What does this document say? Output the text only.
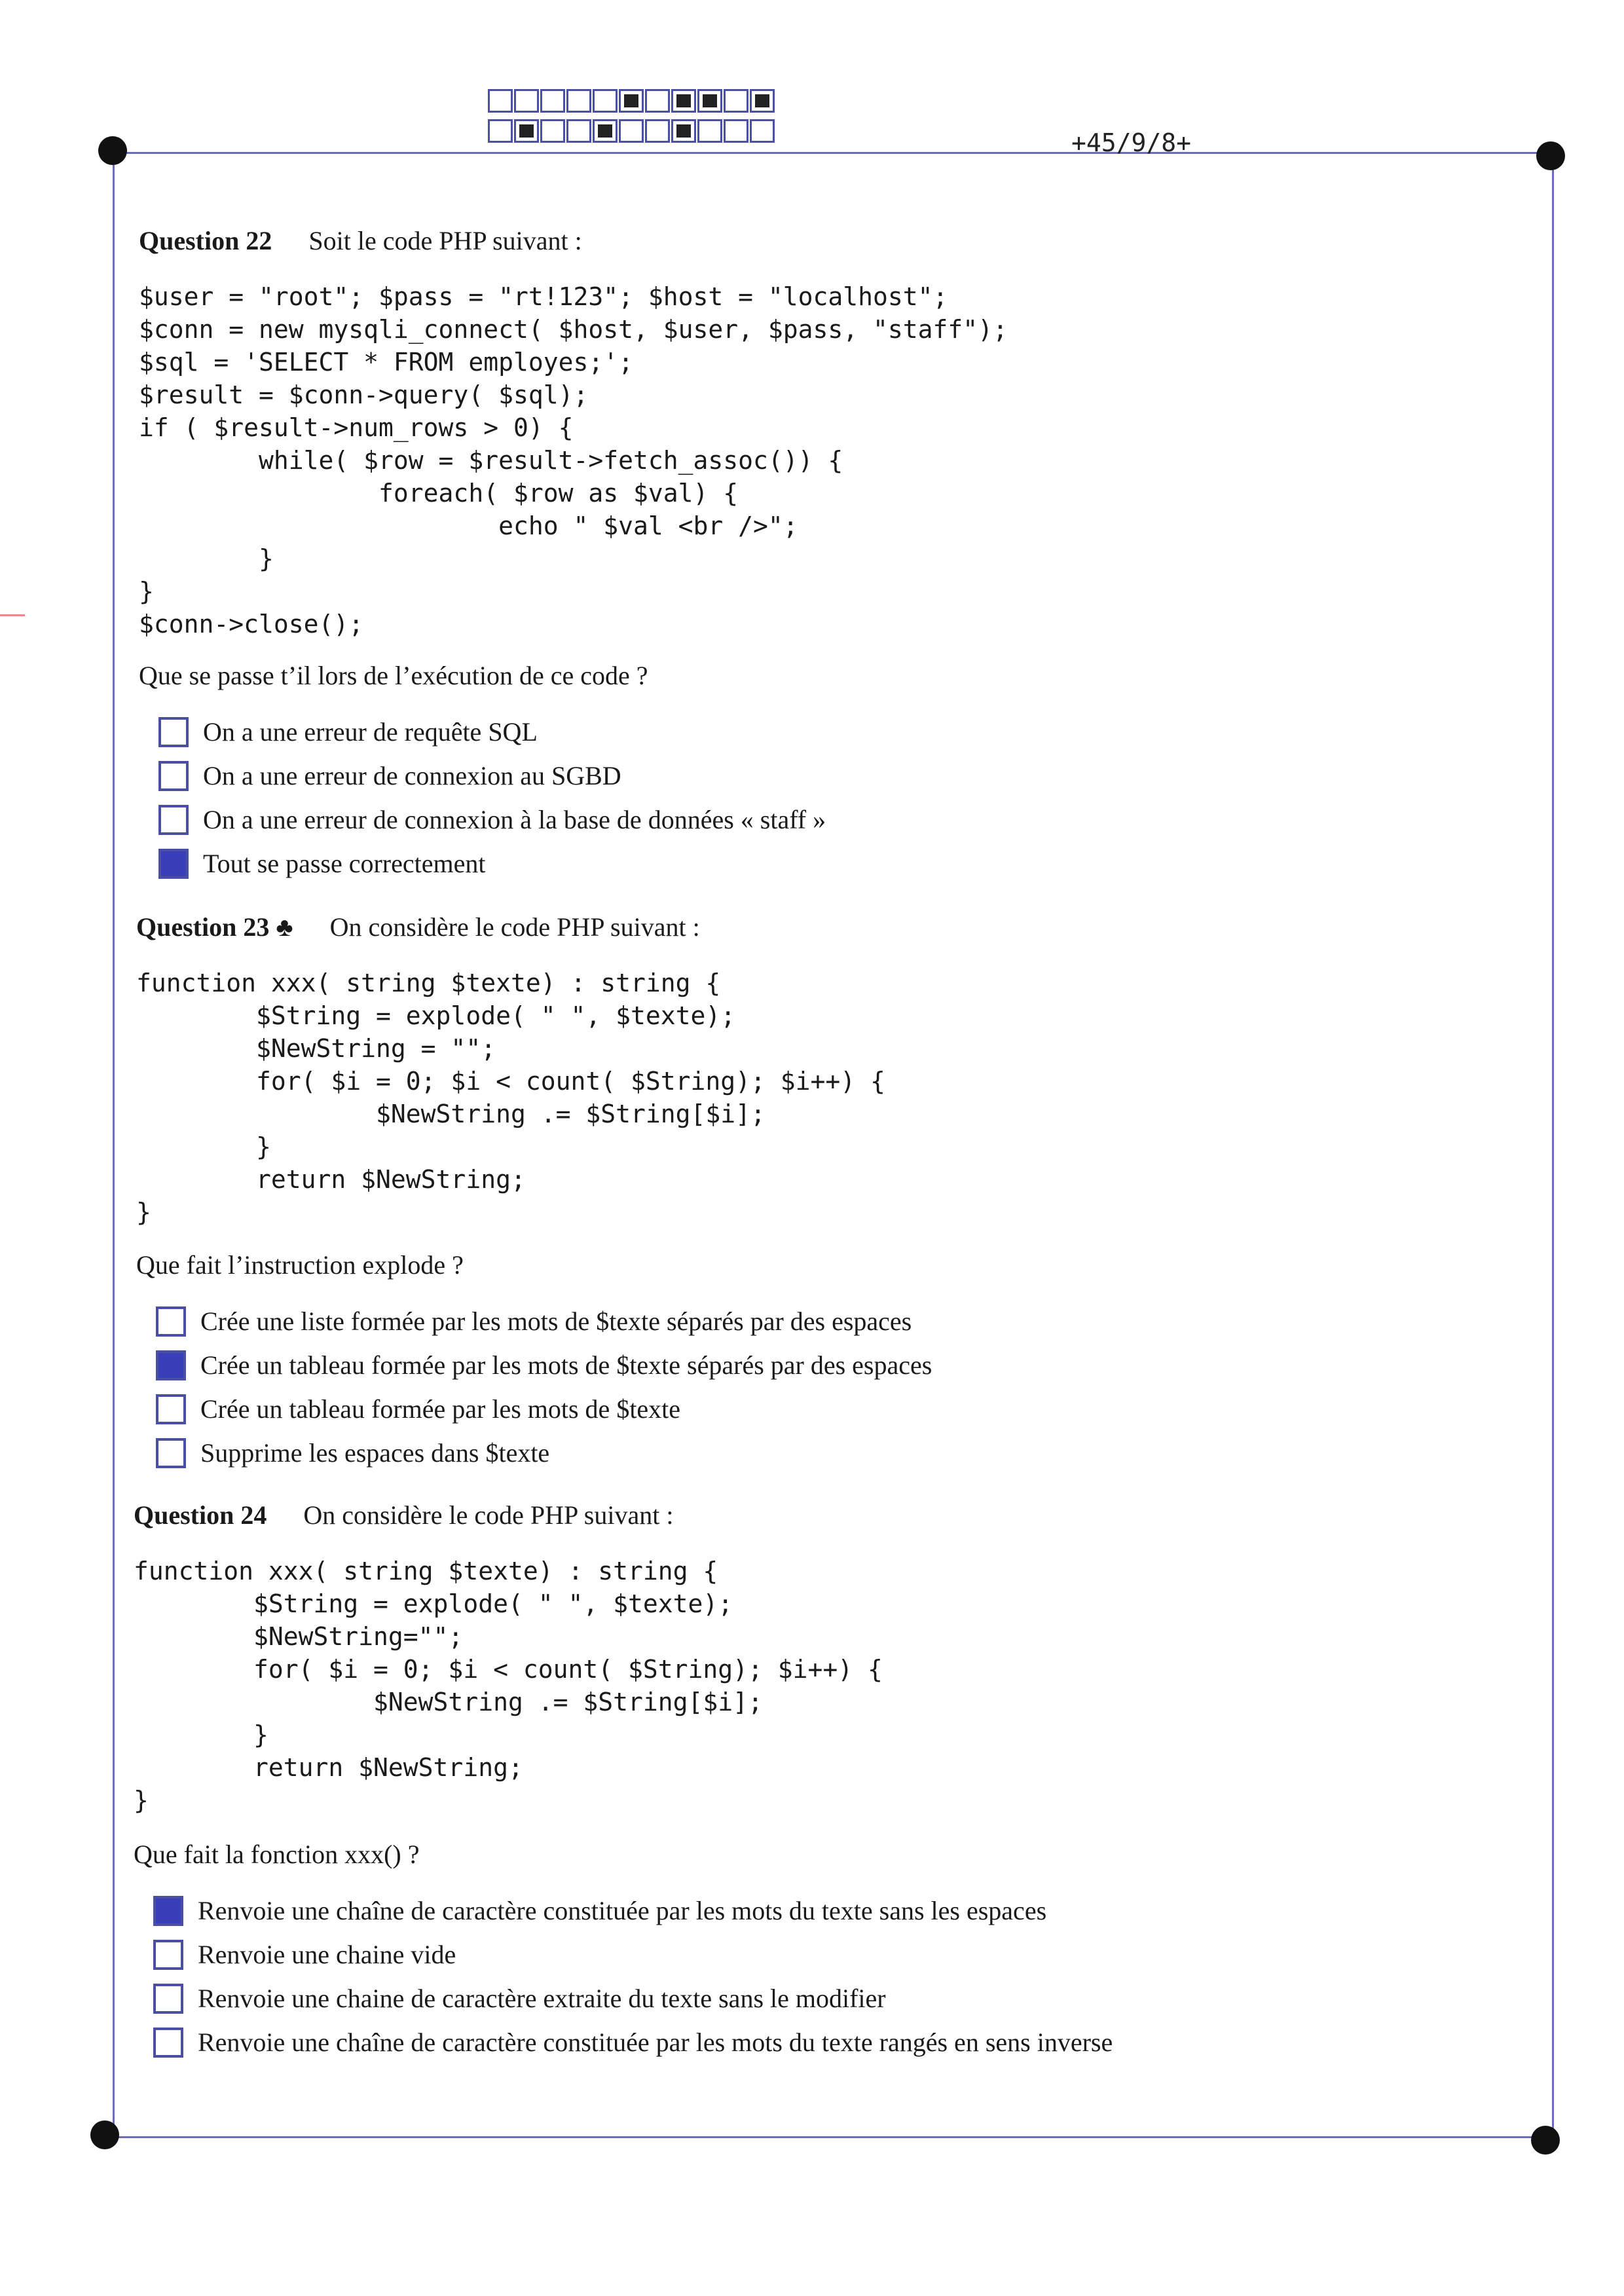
+45/9/8+
Question 22 Soit le code PHP suivant :
$user = "root"; $pass = "rt!123"; $host = "localhost";
$conn = new mysqli_connect( $host, $user, $pass, "staff");
$sql = 'SELECT * FROM employes;';
$result = $conn->query( $sql);
if ( $result->num_rows > 0) {
while( $row = $result->fetch_assoc()) {
foreach( $row as $val) {
echo " $val <br />";
}
}
$conn->close();
Que se passe t’il lors de l’exécution de ce code ?
On a une erreur de requête SQL
On a une erreur de connexion au SGBD
On a une erreur de connexion à la base de données « staff »
Tout se passe correctement
Question 23 ♣ On considère le code PHP suivant :
function xxx( string $texte) : string {
$String = explode( " ", $texte);
$NewString = "";
for( $i = 0; $i < count( $String); $i++) {
$NewString .= $String[$i];
}
return $NewString;
}
Que fait l’instruction explode ?
Crée une liste formée par les mots de $texte séparés par des espaces
Crée un tableau formée par les mots de $texte séparés par des espaces
Crée un tableau formée par les mots de $texte
Supprime les espaces dans $texte
Question 24 On considère le code PHP suivant :
function xxx( string $texte) : string {
$String = explode( " ", $texte);
$NewString="";
for( $i = 0; $i < count( $String); $i++) {
$NewString .= $String[$i];
}
return $NewString;
}
Que fait la fonction xxx() ?
Renvoie une chaîne de caractère constituée par les mots du texte sans les espaces
Renvoie une chaine vide
Renvoie une chaine de caractère extraite du texte sans le modifier
Renvoie une chaîne de caractère constituée par les mots du texte rangés en sens inverse
